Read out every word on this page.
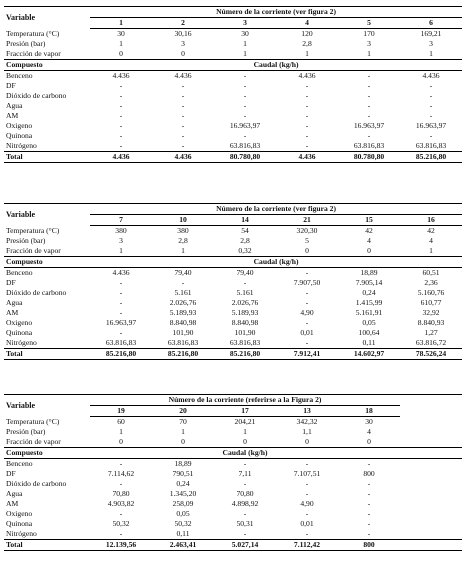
Variable	Número de la corriente (ver figura 2)					
	1	2	3	4	5	6
Temperatura (°C)	30	30,16	30	120	170	169,21
Presión (bar)	1	3	1	2,8	3	3
Fracción de vapor	0	0	1	1	1	1
Compuesto	Caudal (kg/h)					
Benceno	4.436	4.436	-	4.436	-	4.436
DF	-	-	-	-	-	-
Dióxido de carbono	-	-	-	-	-	-
Agua	-	-	-	-	-	-
AM	-	-	-	-	-	-
Oxigeno	-	-	16.963,97	-	16.963,97	16.963,97
Quinona	-	-	-	-	-	-
Nitrógeno	-	-	63.816,83	-	63.816,83	63.816,83
Total	4.436	4.436	80.780,80	4.436	80.780,80	85.216,80
Variable	Número de la corriente (ver figura 2)					
	7	10	14	21	15	16
Temperatura (°C)	380	380	54	320,30	42	42
Presión (bar)	3	2,8	2,8	5	4	4
Fracción de vapor	1	1	0,32	0	0	1
Compuesto	Caudal (kg/h)					
Benceno	4.436	79,40	79,40	-	18,89	60,51
DF	-	-	-	7.907,50	7.905,14	2,36
Dióxido de carbono	-	5.161	5.161	-	0,24	5.160,76
Agua	-	2.026,76	2.026,76	-	1.415,99	610,77
AM	-	5.189,93	5.189,93	4,90	5.161,91	32,92
Oxigeno	16.963,97	8.840,98	8.840,98	-	0,05	8.840,93
Quinona	-	101,90	101,90	0,01	100,64	1,27
Nitrógeno	63.816,83	63.816,83	63.816,83	-	0,11	63.816,72
Total	85.216,80	85.216,80	85.216,80	7.912,41	14.602,97	78.526,24
Variable	Número de la corriente (referirse a la Figura 2)					
	19	20	17	13	18	
Temperatura (°C)	60	70	204,21	342,32	30	
Presión (bar)	1	1	1	1,1	4	
Fracción de vapor	0	0	0	0	0	
Compuesto	Caudal (kg/h)					
Benceno	-	18,89	-	-	-	
DF	7.114,62	790,51	7,11	7.107,51	800	
Dióxido de carbono	-	0,24	-	-	-	
Agua	70,80	1.345,20	70,80	-	-	
AM	4.903,82	258,09	4.898,92	4,90	-	
Oxigeno	-	0,05	-	-	-	
Quinona	50,32	50,32	50,31	0,01	-	
Nitrógeno	-	0,11	-	-	-	
Total	12.139,56	2.463,41	5.027,14	7.112,42	800	
